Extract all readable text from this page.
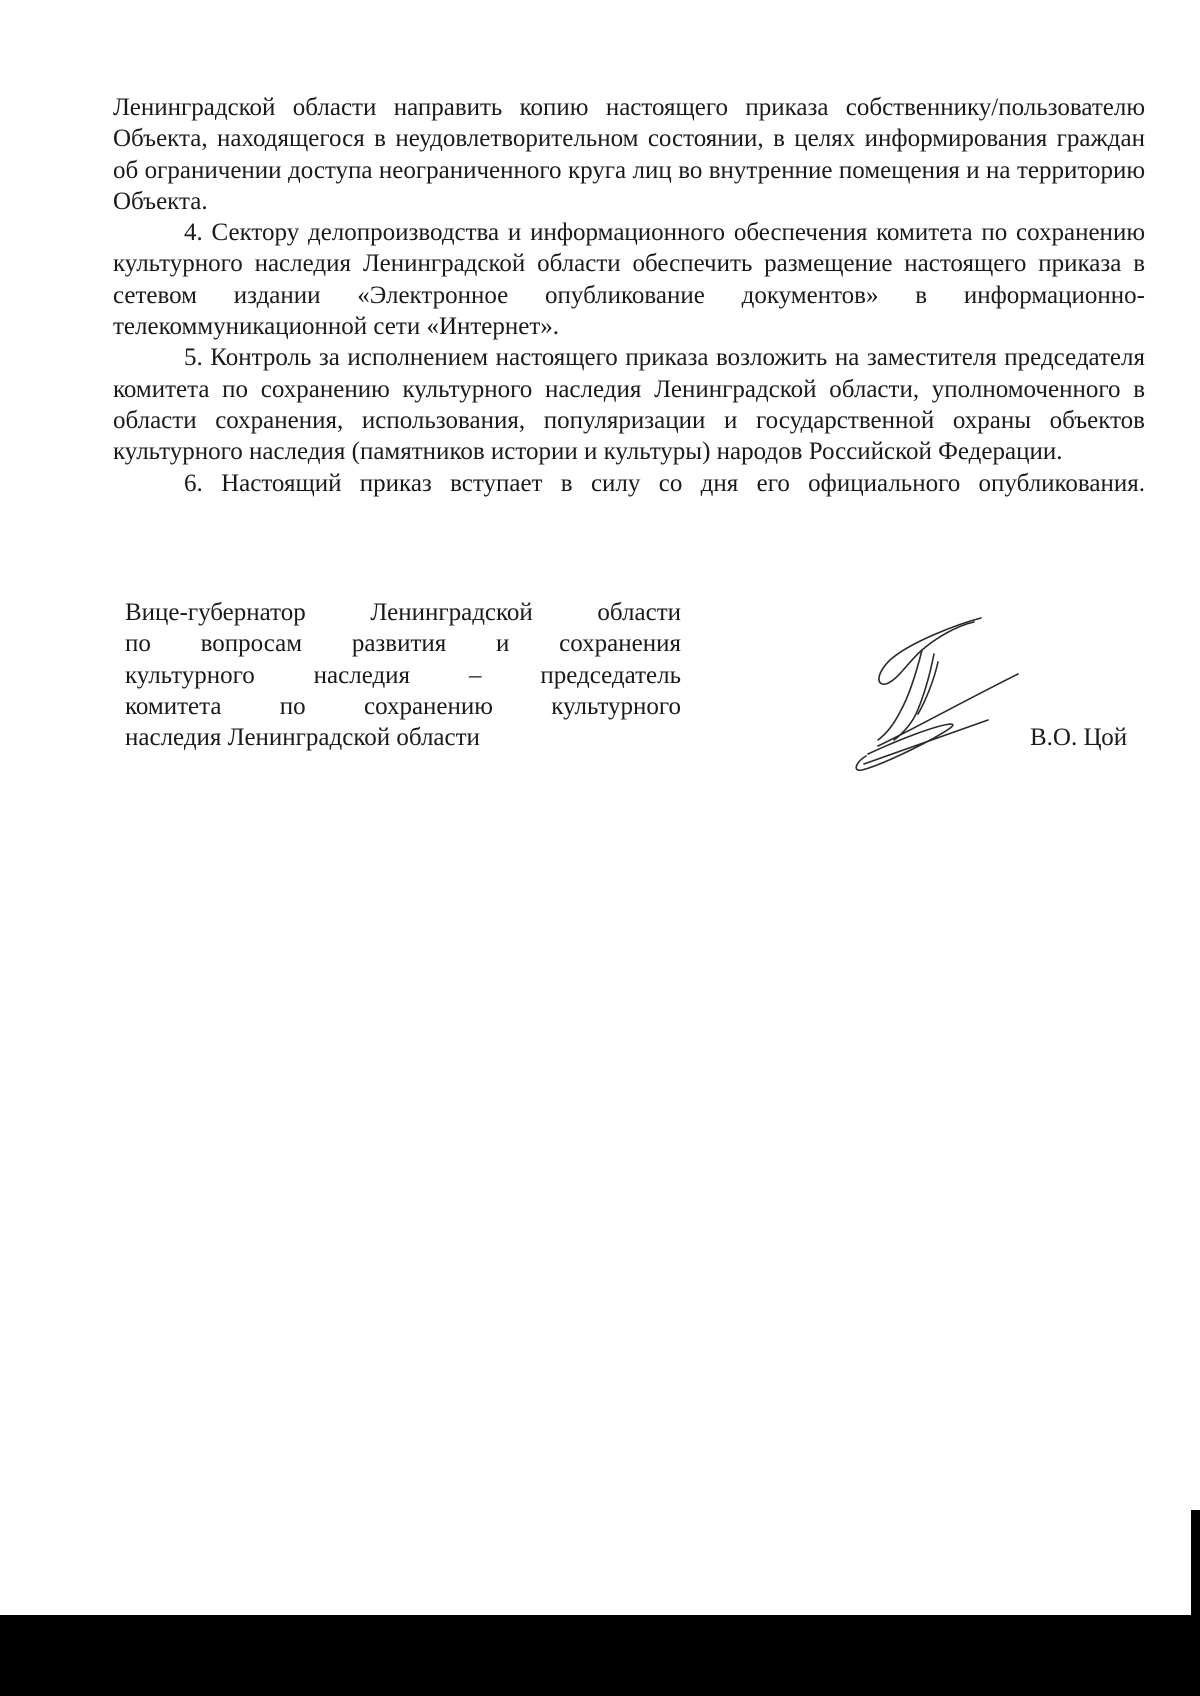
Ленинградской области направить копию настоящего приказа собственнику/пользователю Объекта, находящегося в неудовлетворительном состоянии, в целях информирования граждан об ограничении доступа неограниченного круга лиц во внутренние помещения и на территорию Объекта.

4. Сектору делопроизводства и информационного обеспечения комитета по сохранению культурного наследия Ленинградской области обеспечить размещение настоящего приказа в сетевом издании «Электронное опубликование документов» в информационно-телекоммуникационной сети «Интернет».

5. Контроль за исполнением настоящего приказа возложить на заместителя председателя комитета по сохранению культурного наследия Ленинградской области, уполномоченного в области сохранения, использования, популяризации и государственной охраны объектов культурного наследия (памятников истории и культуры) народов Российской Федерации.

6. Настоящий приказ вступает в силу со дня его официального опубликования.

Вице-губернатор Ленинградской области
по вопросам развития и сохранения
культурного наследия – председатель
комитета по сохранению культурного
наследия Ленинградской области	В.О. Цой
